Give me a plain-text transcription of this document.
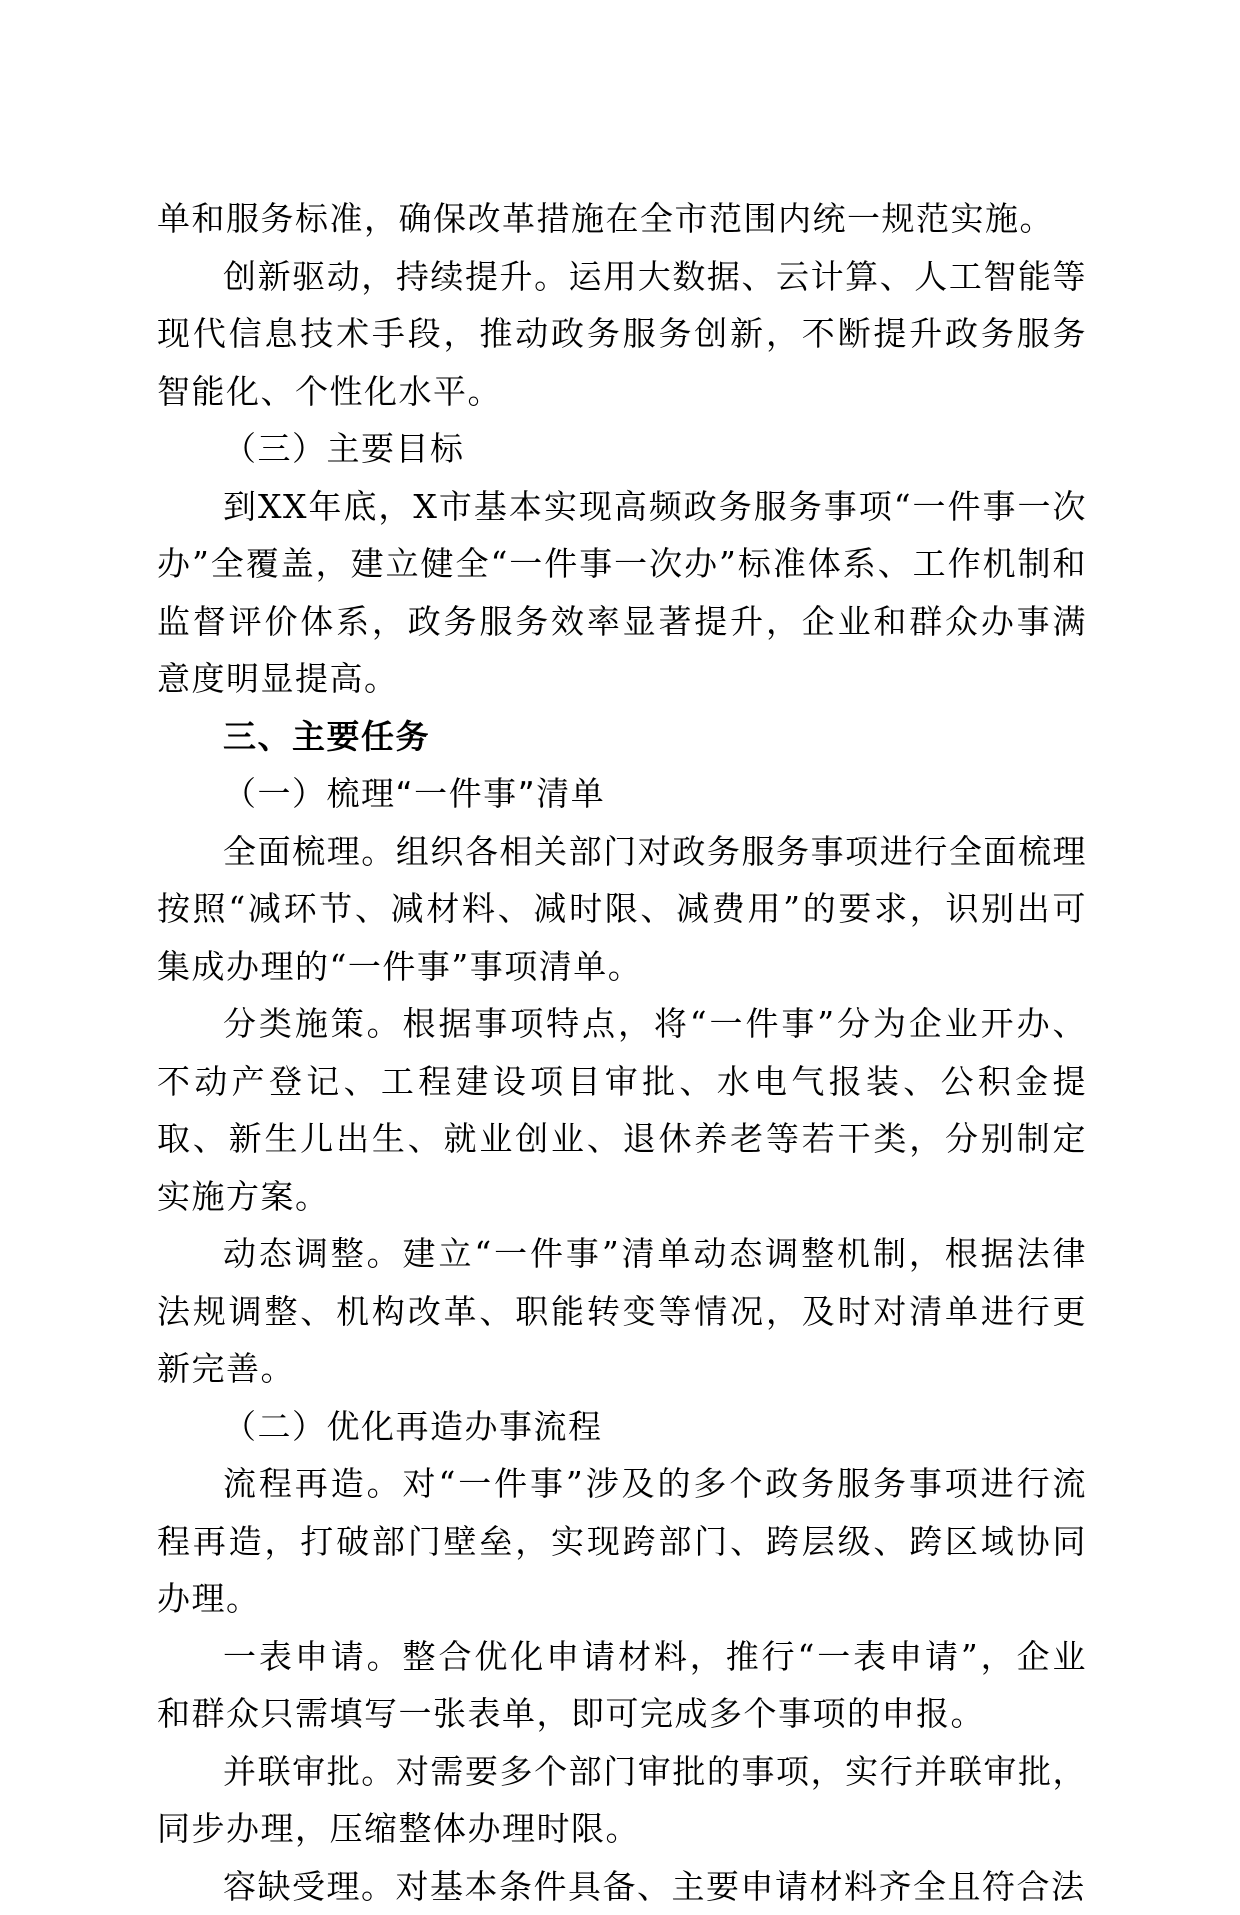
单和服务标准，确保改革措施在全市范围内统一规范实施。

创新驱动，持续提升。运用大数据、云计算、人工智能等现代信息技术手段，推动政务服务创新，不断提升政务服务智能化、个性化水平。

（三）主要目标

到XX年底，X市基本实现高频政务服务事项“一件事一次办”全覆盖，建立健全“一件事一次办”标准体系、工作机制和监督评价体系，政务服务效率显著提升，企业和群众办事满意度明显提高。

三、主要任务

（一）梳理“一件事”清单

全面梳理。组织各相关部门对政务服务事项进行全面梳理按照“减环节、减材料、减时限、减费用”的要求，识别出可集成办理的“一件事”事项清单。

分类施策。根据事项特点，将“一件事”分为企业开办、不动产登记、工程建设项目审批、水电气报装、公积金提取、新生儿出生、就业创业、退休养老等若干类，分别制定实施方案。

动态调整。建立“一件事”清单动态调整机制，根据法律法规调整、机构改革、职能转变等情况，及时对清单进行更新完善。

（二）优化再造办事流程

流程再造。对“一件事”涉及的多个政务服务事项进行流程再造，打破部门壁垒，实现跨部门、跨层级、跨区域协同办理。

一表申请。整合优化申请材料，推行“一表申请”，企业和群众只需填写一张表单，即可完成多个事项的申报。

并联审批。对需要多个部门审批的事项，实行并联审批，同步办理，压缩整体办理时限。

容缺受理。对基本条件具备、主要申请材料齐全且符合法
